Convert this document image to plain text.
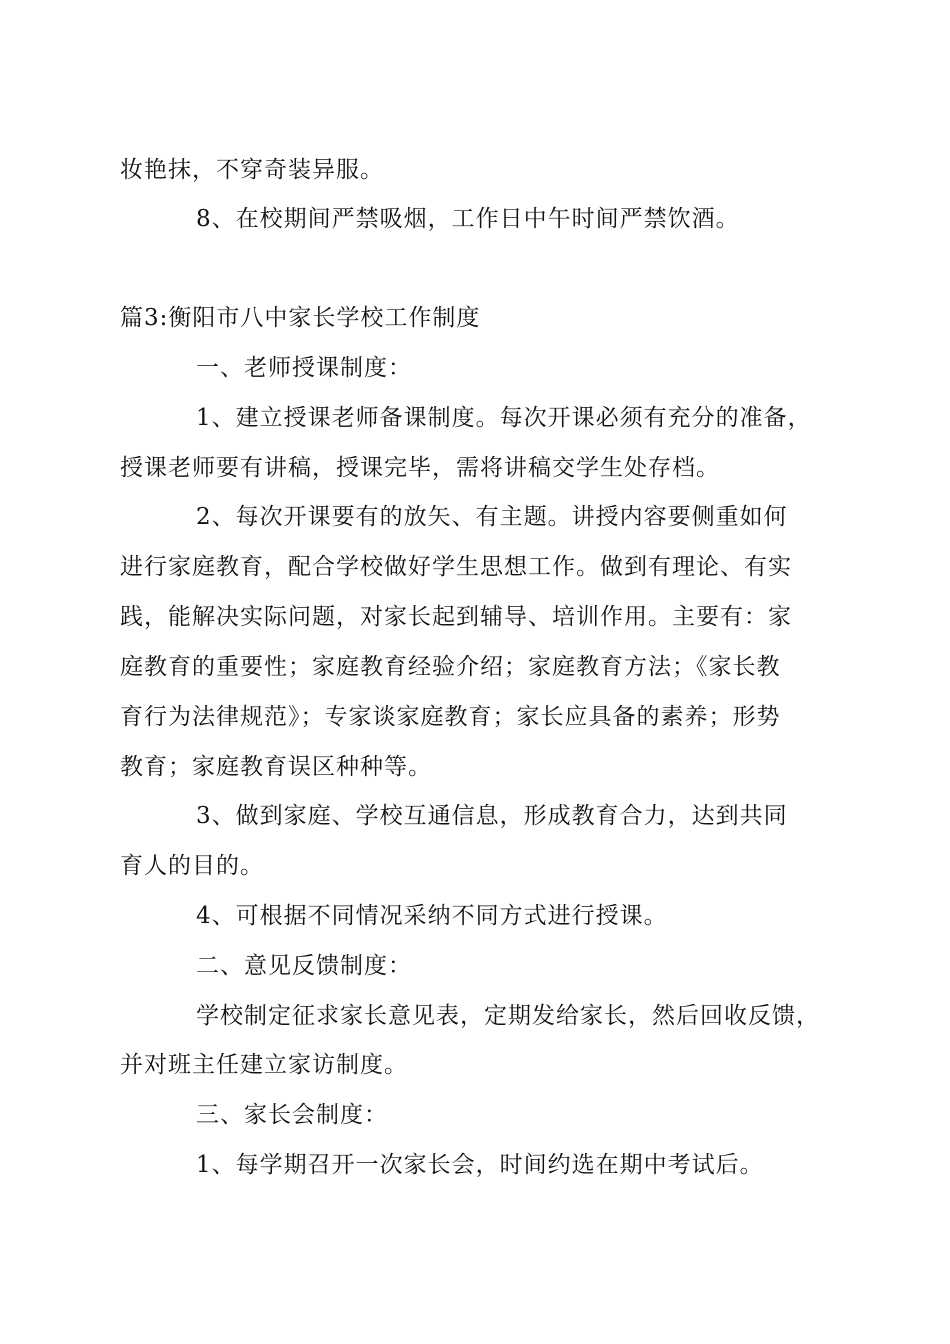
妆艳抹，不穿奇装异服。
8、在校期间严禁吸烟，工作日中午时间严禁饮酒。
篇3:衡阳市八中家长学校工作制度
一、老师授课制度：
1、建立授课老师备课制度。每次开课必须有充分的准备，
授课老师要有讲稿，授课完毕，需将讲稿交学生处存档。
2、每次开课要有的放矢、有主题。讲授内容要侧重如何
进行家庭教育，配合学校做好学生思想工作。做到有理论、有实
践，能解决实际问题，对家长起到辅导、培训作用。主要有：家
庭教育的重要性；家庭教育经验介绍；家庭教育方法；《家长教
育行为法律规范》；专家谈家庭教育；家长应具备的素养；形势
教育；家庭教育误区种种等。
3、做到家庭、学校互通信息，形成教育合力，达到共同
育人的目的。
4、可根据不同情况采纳不同方式进行授课。
二、意见反馈制度：
学校制定征求家长意见表，定期发给家长，然后回收反馈，
并对班主任建立家访制度。
三、家长会制度：
1、每学期召开一次家长会，时间约选在期中考试后。
